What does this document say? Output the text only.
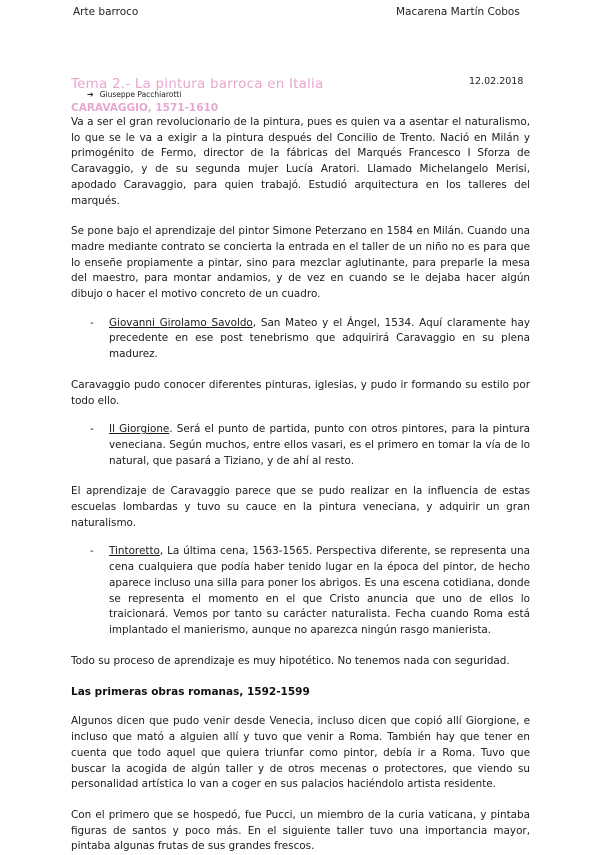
Arte barroco	Macarena Martín Cobos
Tema 2.- La pintura barroca en Italia	12.02.2018
➔ Giuseppe Pacchiarotti
CARAVAGGIO, 1571-1610

Va a ser el gran revolucionario de la pintura, pues es quien va a asentar el naturalismo, lo que se le va a exigir a la pintura después del Concilio de Trento. Nació en Milán y primogénito de Fermo, director de la fábricas del Marqués Francesco I Sforza de Caravaggio, y de su segunda mujer Lucía Aratori. Llamado Michelangelo Merisi, apodado Caravaggio, para quien trabajó. Estudió arquitectura en los talleres del marqués.

Se pone bajo el aprendizaje del pintor Simone Peterzano en 1584 en Milán. Cuando una madre mediante contrato se concierta la entrada en el taller de un niño no es para que lo enseñe propiamente a pintar, sino para mezclar aglutinante, para preparle la mesa del maestro, para montar andamios, y de vez en cuando se le dejaba hacer algún dibujo o hacer el motivo concreto de un cuadro.

- Giovanni Girolamo Savoldo, San Mateo y el Ángel, 1534. Aquí claramente hay precedente en ese post tenebrismo que adquirirá Caravaggio en su plena madurez.

Caravaggio pudo conocer diferentes pinturas, iglesias, y pudo ir formando su estilo por todo ello.

- Il Giorgione. Será el punto de partida, punto con otros pintores, para la pintura veneciana. Según muchos, entre ellos vasari, es el primero en tomar la vía de lo natural, que pasará a Tiziano, y de ahí al resto.

El aprendizaje de Caravaggio parece que se pudo realizar en la influencia de estas escuelas lombardas y tuvo su cauce en la pintura veneciana, y adquirir un gran naturalismo.

- Tintoretto, La última cena, 1563-1565. Perspectiva diferente, se representa una cena cualquiera que podía haber tenido lugar en la época del pintor, de hecho aparece incluso una silla para poner los abrigos. Es una escena cotidiana, donde se representa el momento en el que Cristo anuncia que uno de ellos lo traicionará. Vemos por tanto su carácter naturalista. Fecha cuando Roma está implantado el manierismo, aunque no aparezca ningún rasgo manierista.

Todo su proceso de aprendizaje es muy hipotético. No tenemos nada con seguridad.

Las primeras obras romanas, 1592-1599

Algunos dicen que pudo venir desde Venecia, incluso dicen que copió allí Giorgione, e incluso que mató a alguien allí y tuvo que venir a Roma. También hay que tener en cuenta que todo aquel que quiera triunfar como pintor, debía ir a Roma. Tuvo que buscar la acogida de algún taller y de otros mecenas o protectores, que viendo su personalidad artística lo van a coger en sus palacios haciéndolo artista residente.

Con el primero que se hospedó, fue Pucci, un miembro de la curia vaticana, y pintaba figuras de santos y poco más. En el siguiente taller tuvo una importancia mayor, pintaba algunas frutas de sus grandes frescos.
